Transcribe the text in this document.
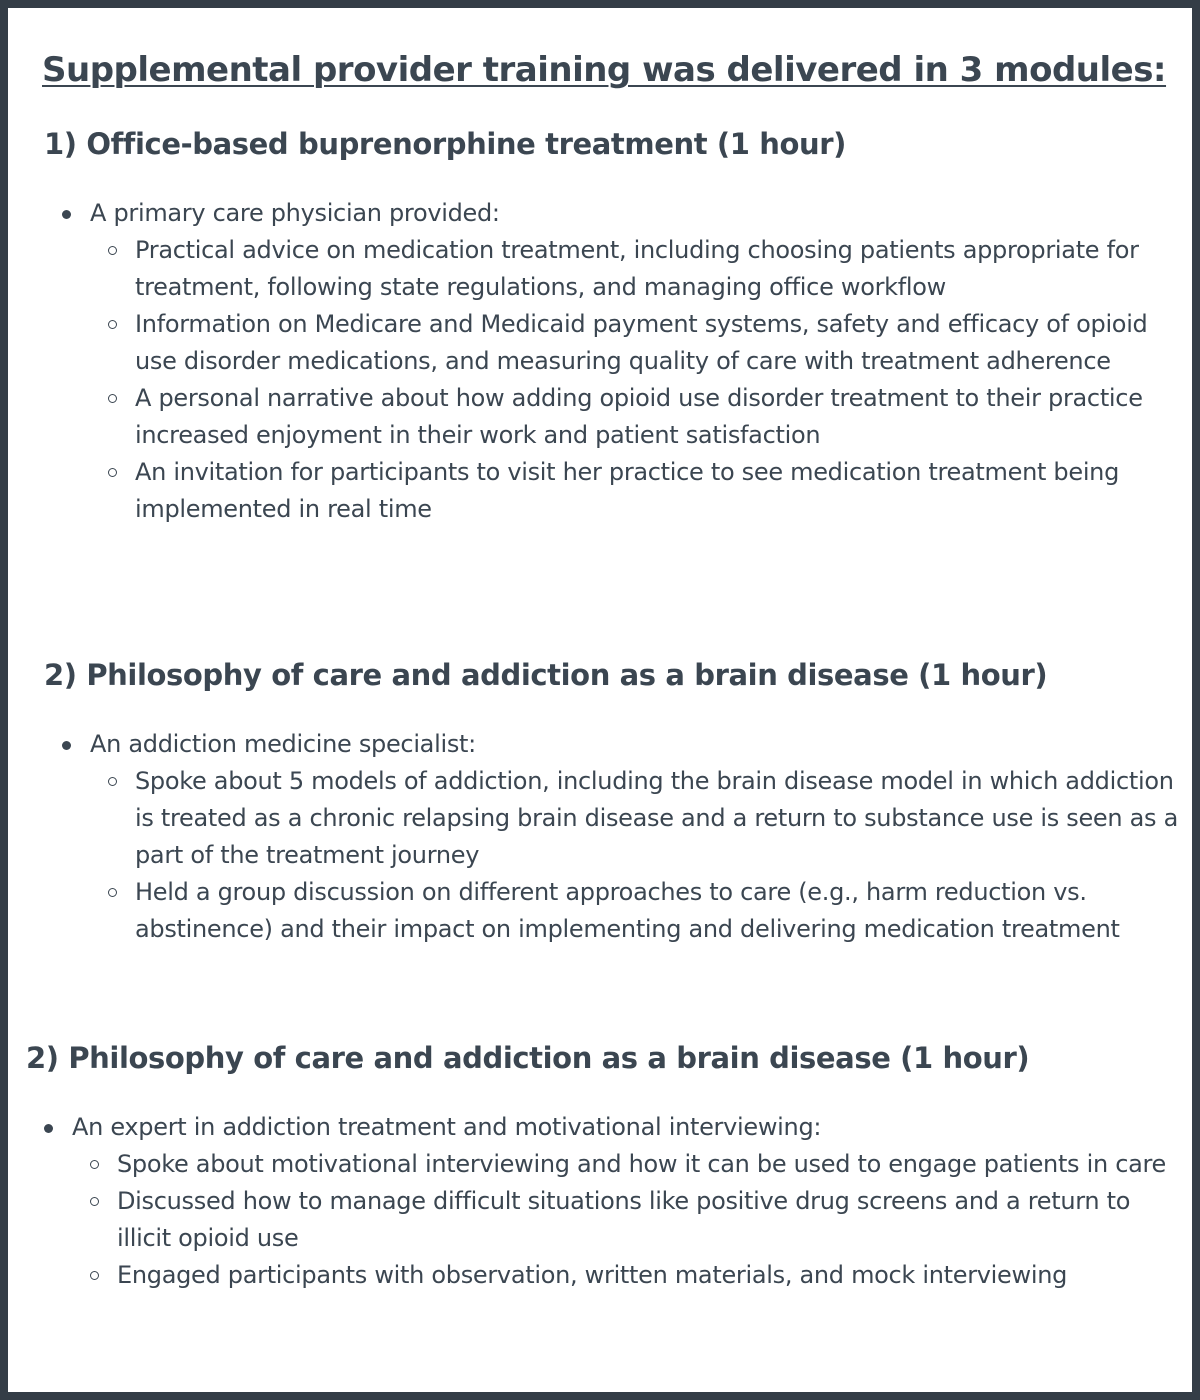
Supplemental provider training was delivered in 3 modules:
1) Office-based buprenorphine treatment (1 hour)
A primary care physician provided:
Practical advice on medication treatment, including choosing patients appropriate for treatment, following state regulations, and managing office workflow
Information on Medicare and Medicaid payment systems, safety and efficacy of opioid use disorder medications, and measuring quality of care with treatment adherence
A personal narrative about how adding opioid use disorder treatment to their practice increased enjoyment in their work and patient satisfaction
An invitation for participants to visit her practice to see medication treatment being implemented in real time
2) Philosophy of care and addiction as a brain disease (1 hour)
An addiction medicine specialist:
Spoke about 5 models of addiction, including the brain disease model in which addiction is treated as a chronic relapsing brain disease and a return to substance use is seen as a part of the treatment journey
Held a group discussion on different approaches to care (e.g., harm reduction vs. abstinence) and their impact on implementing and delivering medication treatment
2) Philosophy of care and addiction as a brain disease (1 hour)
An expert in addiction treatment and motivational interviewing:
Spoke about motivational interviewing and how it can be used to engage patients in care
Discussed how to manage difficult situations like positive drug screens and a return to illicit opioid use
Engaged participants with observation, written materials, and mock interviewing
